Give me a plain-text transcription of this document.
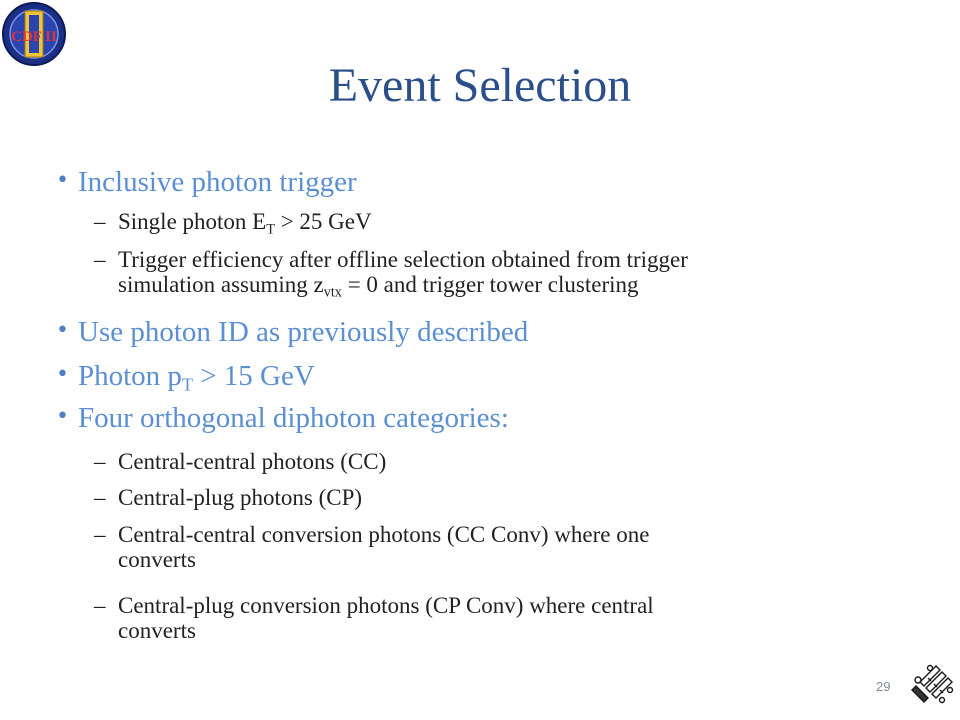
CDF II
Event Selection
• Inclusive photon trigger
– Single photon $E_T > 25$ GeV
– Trigger efficiency after offline selection obtained from trigger
simulation assuming $z_{vtx} = 0$ and trigger tower clustering
• Use photon ID as previously described
• Photon $p_T > 15$ GeV
• Four orthogonal diphoton categories:
– Central-central photons (CC)
– Central-plug photons (CP)
– Central-central conversion photons (CC Conv) where one
converts
– Central-plug conversion photons (CP Conv) where central
converts
29
